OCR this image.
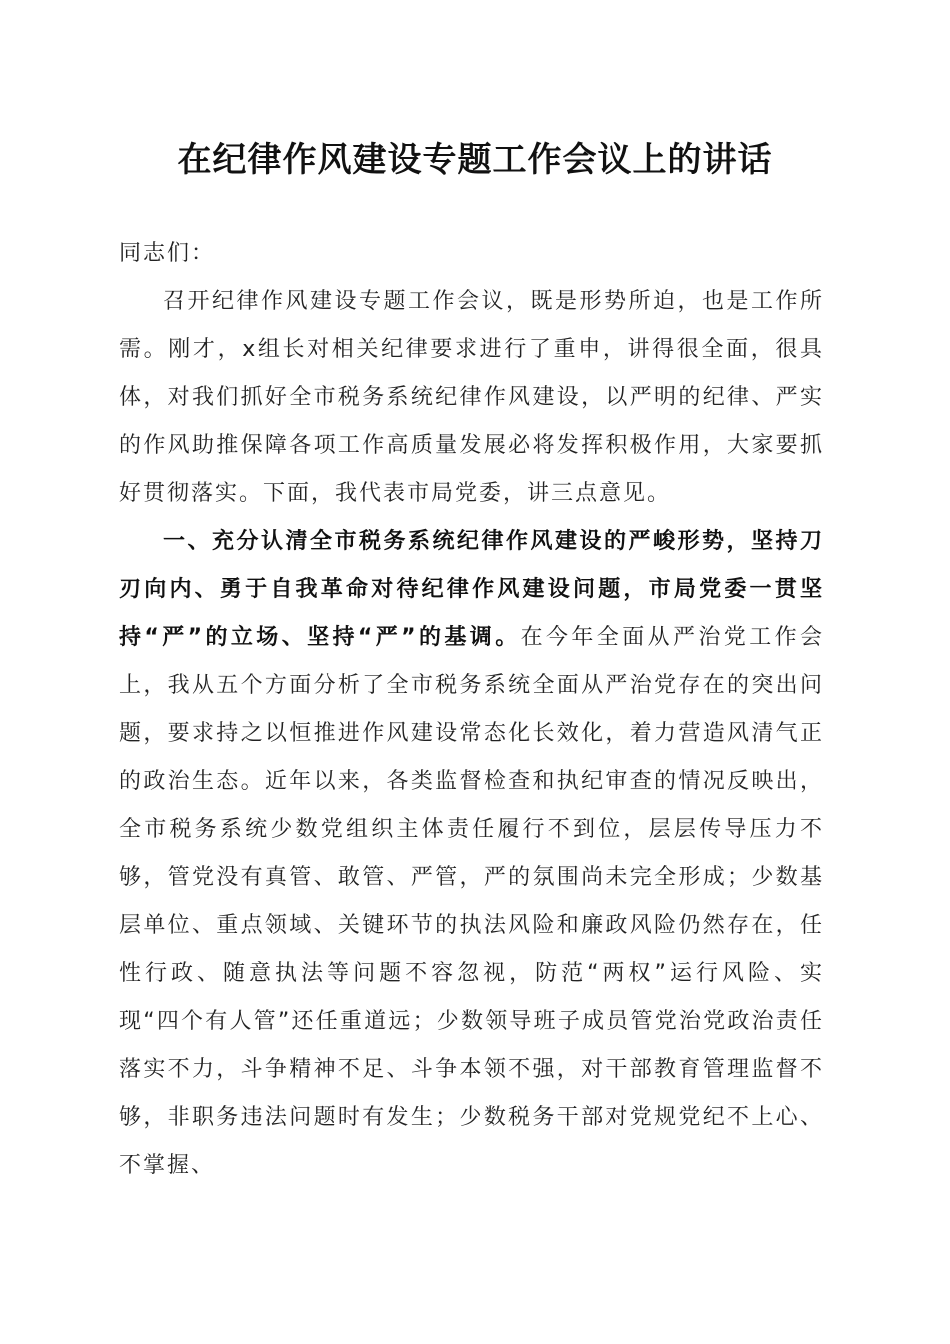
在纪律作风建设专题工作会议上的讲话

同志们：

召开纪律作风建设专题工作会议，既是形势所迫，也是工作所需。刚才，x组长对相关纪律要求进行了重申，讲得很全面，很具体，对我们抓好全市税务系统纪律作风建设，以严明的纪律、严实的作风助推保障各项工作高质量发展必将发挥积极作用，大家要抓好贯彻落实。下面，我代表市局党委，讲三点意见。

一、充分认清全市税务系统纪律作风建设的严峻形势，坚持刀刃向内、勇于自我革命对待纪律作风建设问题，市局党委一贯坚持“严”的立场、坚持“严”的基调。在今年全面从严治党工作会上，我从五个方面分析了全市税务系统全面从严治党存在的突出问题，要求持之以恒推进作风建设常态化长效化，着力营造风清气正的政治生态。近年以来，各类监督检查和执纪审查的情况反映出，全市税务系统少数党组织主体责任履行不到位，层层传导压力不够，管党没有真管、敢管、严管，严的氛围尚未完全形成；少数基层单位、重点领域、关键环节的执法风险和廉政风险仍然存在，任性行政、随意执法等问题不容忽视，防范“两权”运行风险、实现“四个有人管”还任重道远；少数领导班子成员管党治党政治责任落实不力，斗争精神不足、斗争本领不强，对干部教育管理监督不够，非职务违法问题时有发生；少数税务干部对党规党纪不上心、不掌握、
